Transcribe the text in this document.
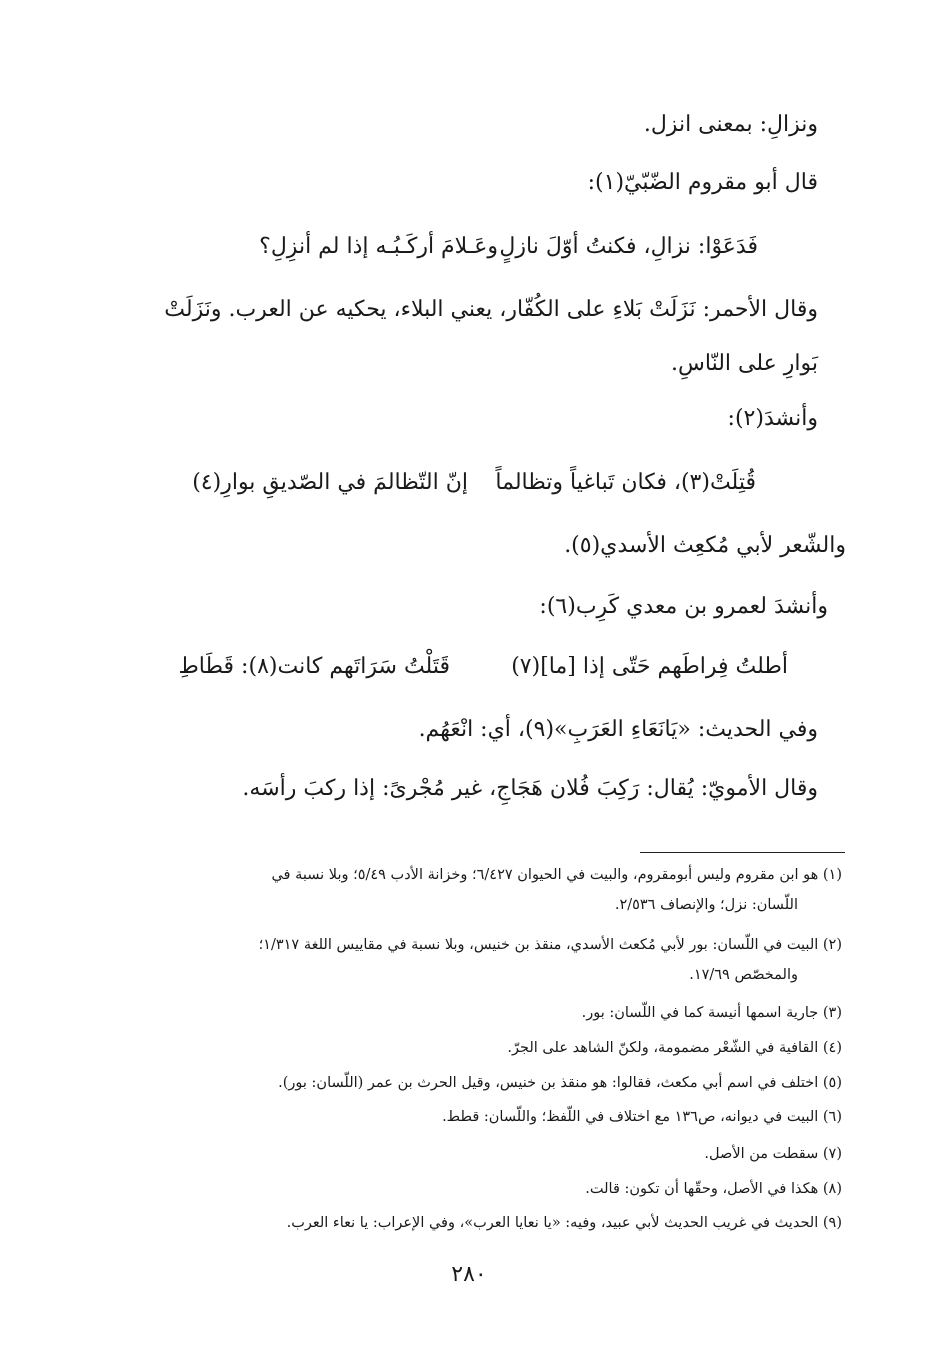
ونزالِ: بمعنى انزل.
قال أبو مقروم الضّبّيّ(١):
فَدَعَوْا: نزالِ، فكنتُ أوّلَ نازلٍ
وعَـلامَ أركَـبُـه إذا لم أنزِلِ؟
وقال الأحمر: نَزَلَتْ بَلاءِ على الكُفّار، يعني البلاء، يحكيه عن العرب. ونَزَلَتْ
بَوارِ على النّاسِ.
وأنشدَ(٢):
قُتِلَتْ(٣)، فكان تَباغياً وتظالماً
إنّ التّظالمَ في الصّديقِ بوارِ(٤)
والشّعر لأبي مُكعِث الأسدي(٥).
وأنشدَ لعمرو بن معدي كَرِب(٦):
أطلتُ فِراطَهم حَتّى إذا [ما](٧)
قَتَلْتُ سَرَاتَهم كانت(٨): قَطَاطِ
وفي الحديث: «يَانَعَاءِ العَرَبِ»(٩)، أي: انْعَهُم.
وقال الأمويّ: يُقال: رَكِبَ فُلان هَجَاجِ، غير مُجْرىً: إذا ركبَ رأسَه.
(١) هو ابن مقروم وليس أبومقروم، والبيت في الحيوان ٦/٤٢٧؛ وخزانة الأدب ٥/٤٩؛ وبلا نسبة في
اللّسان: نزل؛ والإنصاف ٢/٥٣٦.
(٢) البيت في اللّسان: بور لأبي مُكعث الأسدي، منقذ بن خنيس، وبلا نسبة في مقاييس اللغة ١/٣١٧؛
والمخصّص ١٧/٦٩.
(٣) جارية اسمها أنيسة كما في اللّسان: بور.
(٤) القافية في الشّعْر مضمومة، ولكنّ الشاهد على الجرّ.
(٥) اختلف في اسم أبي مكعث، فقالوا: هو منقذ بن خنيس، وقيل الحرث بن عمر (اللّسان: بور).
(٦) البيت في ديوانه، ص١٣٦ مع اختلاف في اللّفظ؛ واللّسان: قطط.
(٧) سقطت من الأصل.
(٨) هكذا في الأصل، وحقّها أن تكون: قالت.
(٩) الحديث في غريب الحديث لأبي عبيد، وفيه: «يا نعايا العرب»، وفي الإعراب: يا نعاء العرب.
٢٨٠
